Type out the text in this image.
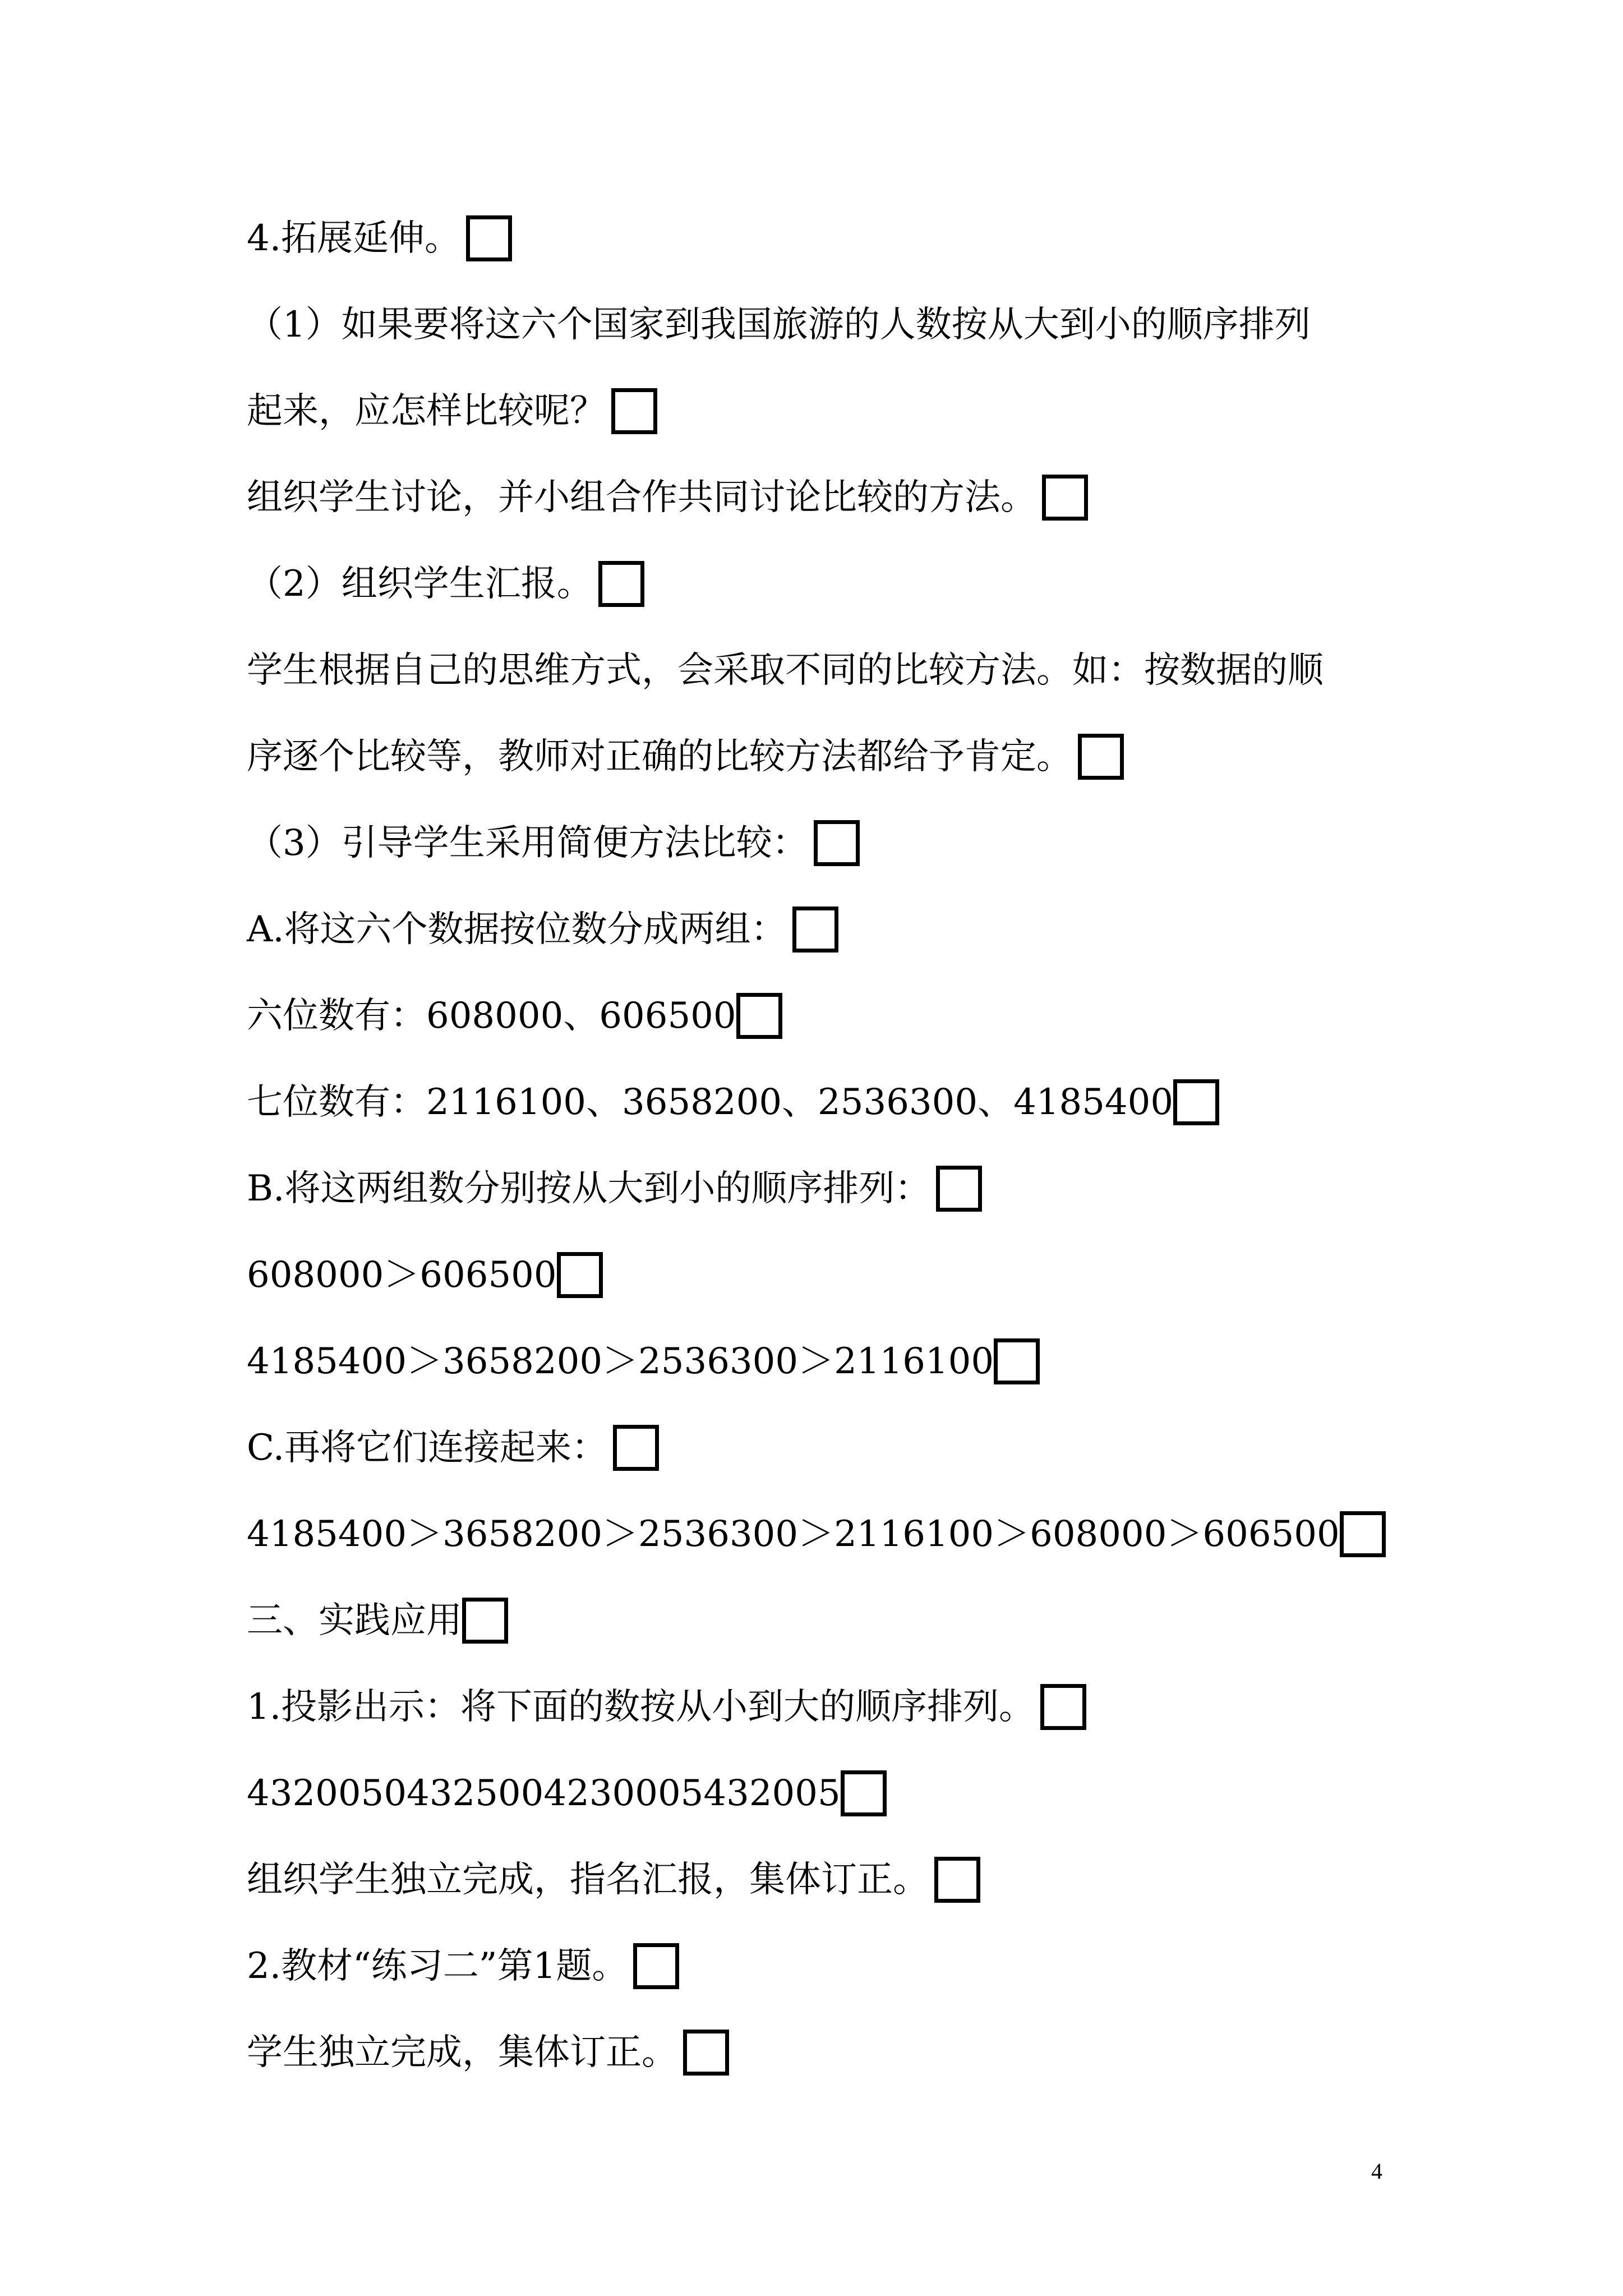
4.拓展延伸。
（1）如果要将这六个国家到我国旅游的人数按从大到小的顺序排列
起来，应怎样比较呢？
组织学生讨论，并小组合作共同讨论比较的方法。
（2）组织学生汇报。
学生根据自己的思维方式，会采取不同的比较方法。如：按数据的顺
序逐个比较等，教师对正确的比较方法都给予肯定。
（3）引导学生采用简便方法比较：
A.将这六个数据按位数分成两组：
六位数有：608000、606500
七位数有：2116100、3658200、2536300、4185400
B.将这两组数分别按从大到小的顺序排列：
608000＞606500
4185400＞3658200＞2536300＞2116100
C.再将它们连接起来：
4185400＞3658200＞2536300＞2116100＞608000＞606500
三、实践应用
1.投影出示：将下面的数按从小到大的顺序排列。
43200504325004230005432005
组织学生独立完成，指名汇报，集体订正。
2.教材“练习二”第1题。
学生独立完成，集体订正。
4
